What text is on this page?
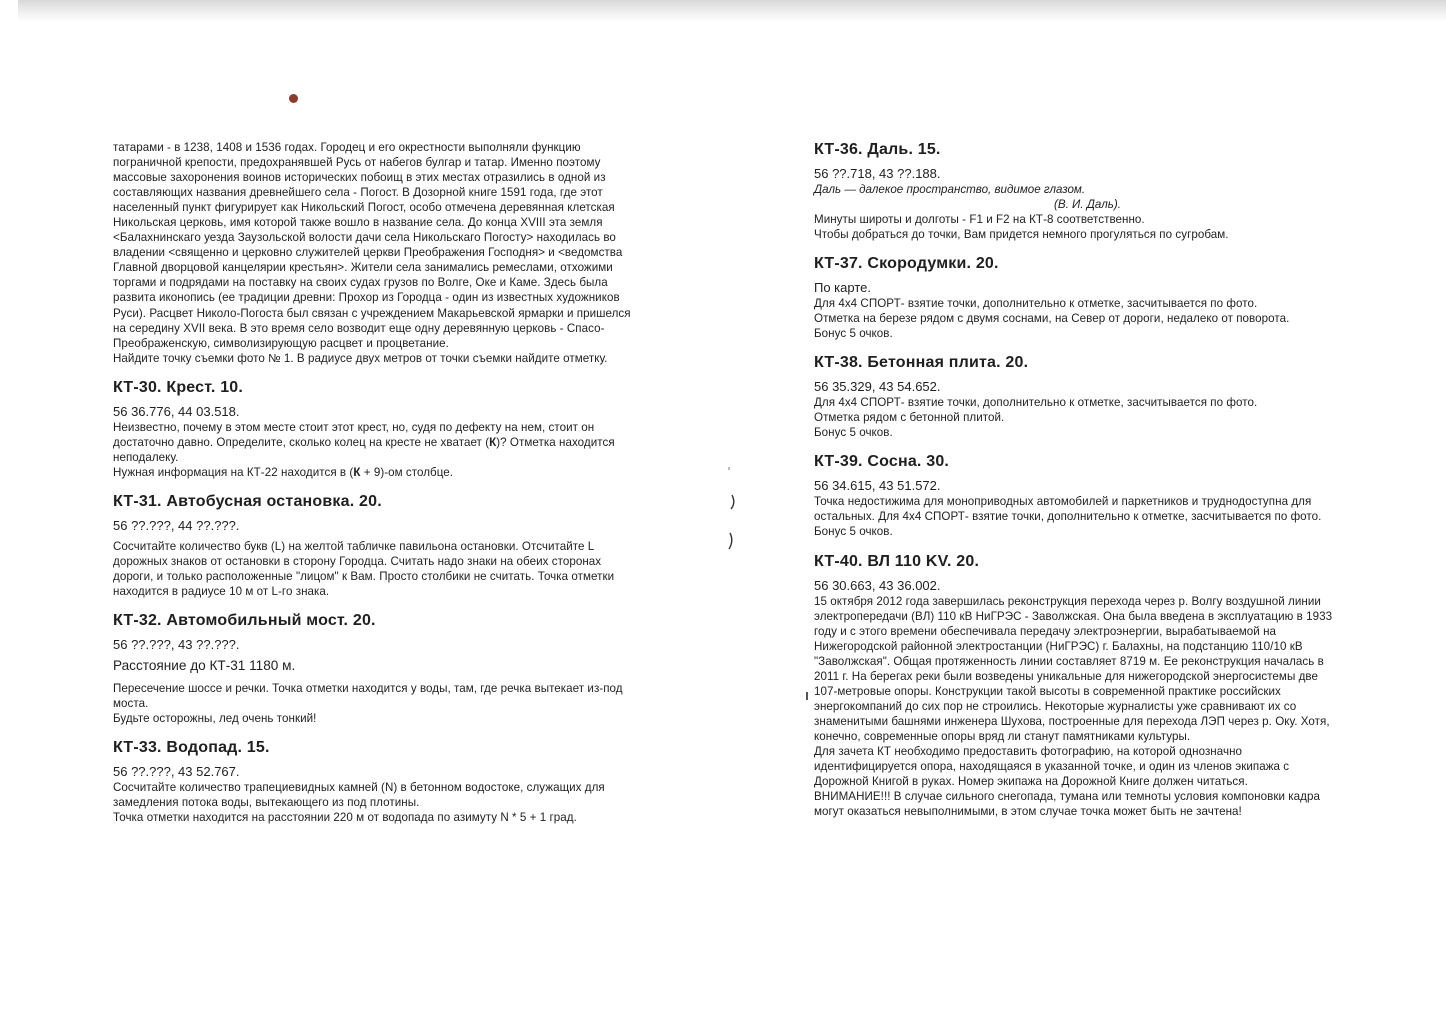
татарами - в 1238, 1408 и 1536 годах. Городец и его окрестности выполняли функцию пограничной крепости, предохранявшей Русь от набегов булгар и татар. Именно поэтому массовые захоронения воинов исторических побоищ в этих местах отразились в одной из составляющих названия древнейшего села - Погост. В Дозорной книге 1591 года, где этот населенный пункт фигурирует как Никольский Погост, особо отмечена деревянная клетская Никольская церковь, имя которой также вошло в название села. До конца XVIII эта земля <Балахнинскаго уезда Заузольской волости дачи села Никольскаго Погосту> находилась во владении <священно и церковно служителей церкви Преображения Господня> и <ведомства Главной дворцовой канцелярии крестьян>. Жители села занимались ремеслами, отхожими торгами и подрядами на поставку на своих судах грузов по Волге, Оке и Каме. Здесь была развита иконопись (ее традиции древни: Прохор из Городца - один из известных художников Руси). Расцвет Николо-Погоста был связан с учреждением Макарьевской ярмарки и пришелся на середину XVII века. В это время село возводит еще одну деревянную церковь - Спасо-Преображенскую, символизирующую расцвет и процветание.

Найдите точку съемки фото № 1. В радиусе двух метров от точки съемки найдите отметку.

КТ-30. Крест. 10.

56 36.776, 44 03.518.

Неизвестно, почему в этом месте стоит этот крест, но, судя по дефекту на нем, стоит он достаточно давно. Определите, сколько колец на кресте не хватает (К)? Отметка находится неподалеку.

Нужная информация на КТ-22 находится в (К + 9)-ом столбце.

КТ-31. Автобусная остановка. 20.

56 ??.???, 44 ??.???.

Сосчитайте количество букв (L) на желтой табличке павильона остановки. Отсчитайте L дорожных знаков от остановки в сторону Городца. Считать надо знаки на обеих сторонах дороги, и только расположенные "лицом" к Вам. Просто столбики не считать. Точка отметки находится в радиусе 10 м от L-го знака.

КТ-32. Автомобильный мост. 20.

56 ??.???, 43 ??.???.

Расстояние до КТ-31 1180 м.

Пересечение шоссе и речки. Точка отметки находится у воды, там, где речка вытекает из-под моста.

Будьте осторожны, лед очень тонкий!

КТ-33. Водопад. 15.

56 ??.???, 43 52.767.

Сосчитайте количество трапециевидных камней (N) в бетонном водостоке, служащих для замедления потока воды, вытекающего из под плотины.

Точка отметки находится на расстоянии 220 м от водопада по азимуту N * 5 + 1 град.

КТ-36. Даль. 15.

56 ??.718, 43 ??.188.

Даль — далекое пространство, видимое глазом.

(В. И. Даль).

Минуты широты и долготы - F1 и F2 на КТ-8 соответственно.

Чтобы добраться до точки, Вам придется немного прогуляться по сугробам.

КТ-37. Скородумки. 20.

По карте.

Для 4х4 СПОРТ- взятие точки, дополнительно к отметке, засчитывается по фото.

Отметка на березе рядом с двумя соснами, на Север от дороги, недалеко от поворота.

Бонус 5 очков.

КТ-38. Бетонная плита. 20.

56 35.329, 43 54.652.

Для 4х4 СПОРТ- взятие точки, дополнительно к отметке, засчитывается по фото.

Отметка рядом с бетонной плитой.

Бонус 5 очков.

КТ-39. Сосна. 30.

56 34.615, 43 51.572.

Точка недостижима для моноприводных автомобилей и паркетников и труднодоступна для остальных. Для 4х4 СПОРТ- взятие точки, дополнительно к отметке, засчитывается по фото.

Бонус 5 очков.

КТ-40. ВЛ 110 KV. 20.

56 30.663, 43 36.002.

15 октября 2012 года завершилась реконструкция перехода через р. Волгу воздушной линии электропередачи (ВЛ) 110 кВ НиГРЭС - Заволжская. Она была введена в эксплуатацию в 1933 году и с этого времени обеспечивала передачу электроэнергии, вырабатываемой на Нижегородской районной электростанции (НиГРЭС) г. Балахны, на подстанцию 110/10 кВ "Заволжская". Общая протяженность линии составляет 8719 м. Ее реконструкция началась в 2011 г. На берегах реки были возведены уникальные для нижегородской энергосистемы две 107-метровые опоры. Конструкции такой высоты в современной практике российских энергокомпаний до сих пор не строились. Некоторые журналисты уже сравнивают их со знаменитыми башнями инженера Шухова, построенные для перехода ЛЭП через р. Оку. Хотя, конечно, современные опоры вряд ли станут памятниками культуры.

Для зачета КТ необходимо предоставить фотографию, на которой однозначно идентифицируется опора, находящаяся в указанной точке, и один из членов экипажа с Дорожной Книгой в руках. Номер экипажа на Дорожной Книге должен читаться.

ВНИМАНИЕ!!! В случае сильного снегопада, тумана или темноты условия компоновки кадра могут оказаться невыполнимыми, в этом случае точка может быть не зачтена!
